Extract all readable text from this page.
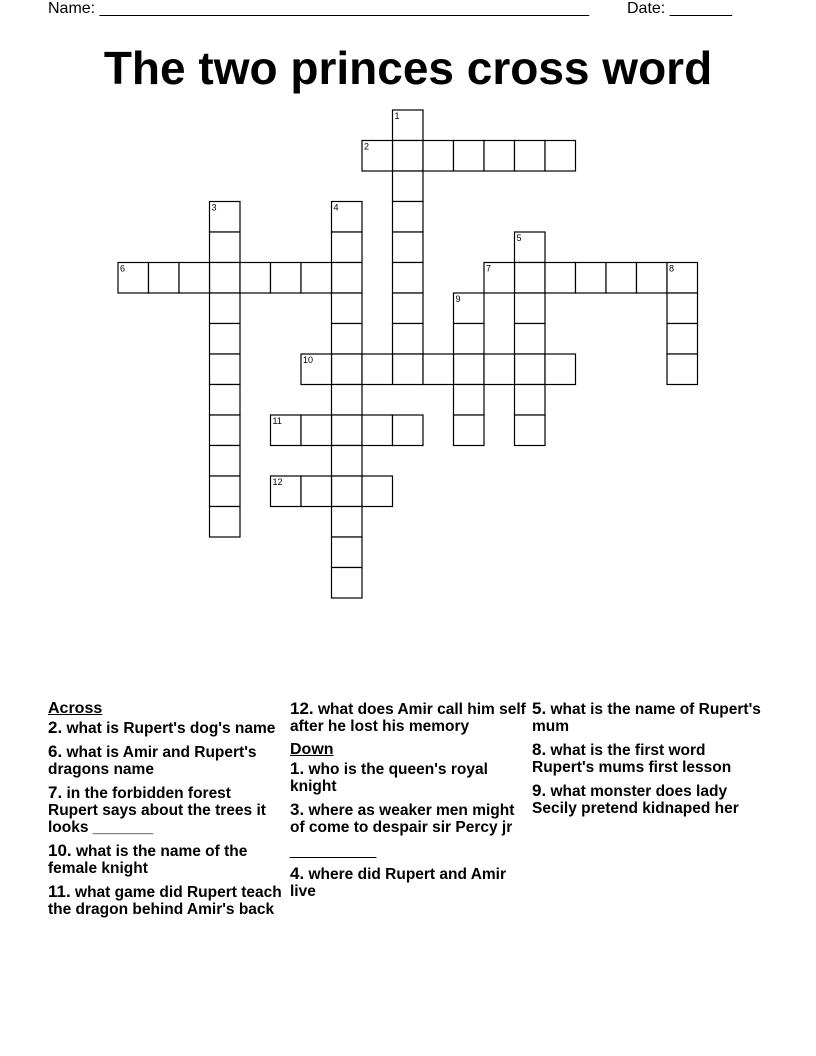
Name: _______________________________________________________ Date: _______
The two princes cross word
1
2
3	4
5
6	7	8
9
10
11
12
Across
2. what is Rupert's dog's name
6. what is Amir and Rupert's dragons name
7. in the forbidden forest Rupert says about the trees it looks _______
10. what is the name of the female knight
11. what game did Rupert teach the dragon behind Amir's back
12. what does Amir call him self after he lost his memory
Down
1. who is the queen's royal knight
3. where as weaker men might of come to despair sir Percy jr
__________
4. where did Rupert and Amir live
5. what is the name of Rupert's mum
8. what is the first word Rupert's mums first lesson
9. what monster does lady Secily pretend kidnaped her
